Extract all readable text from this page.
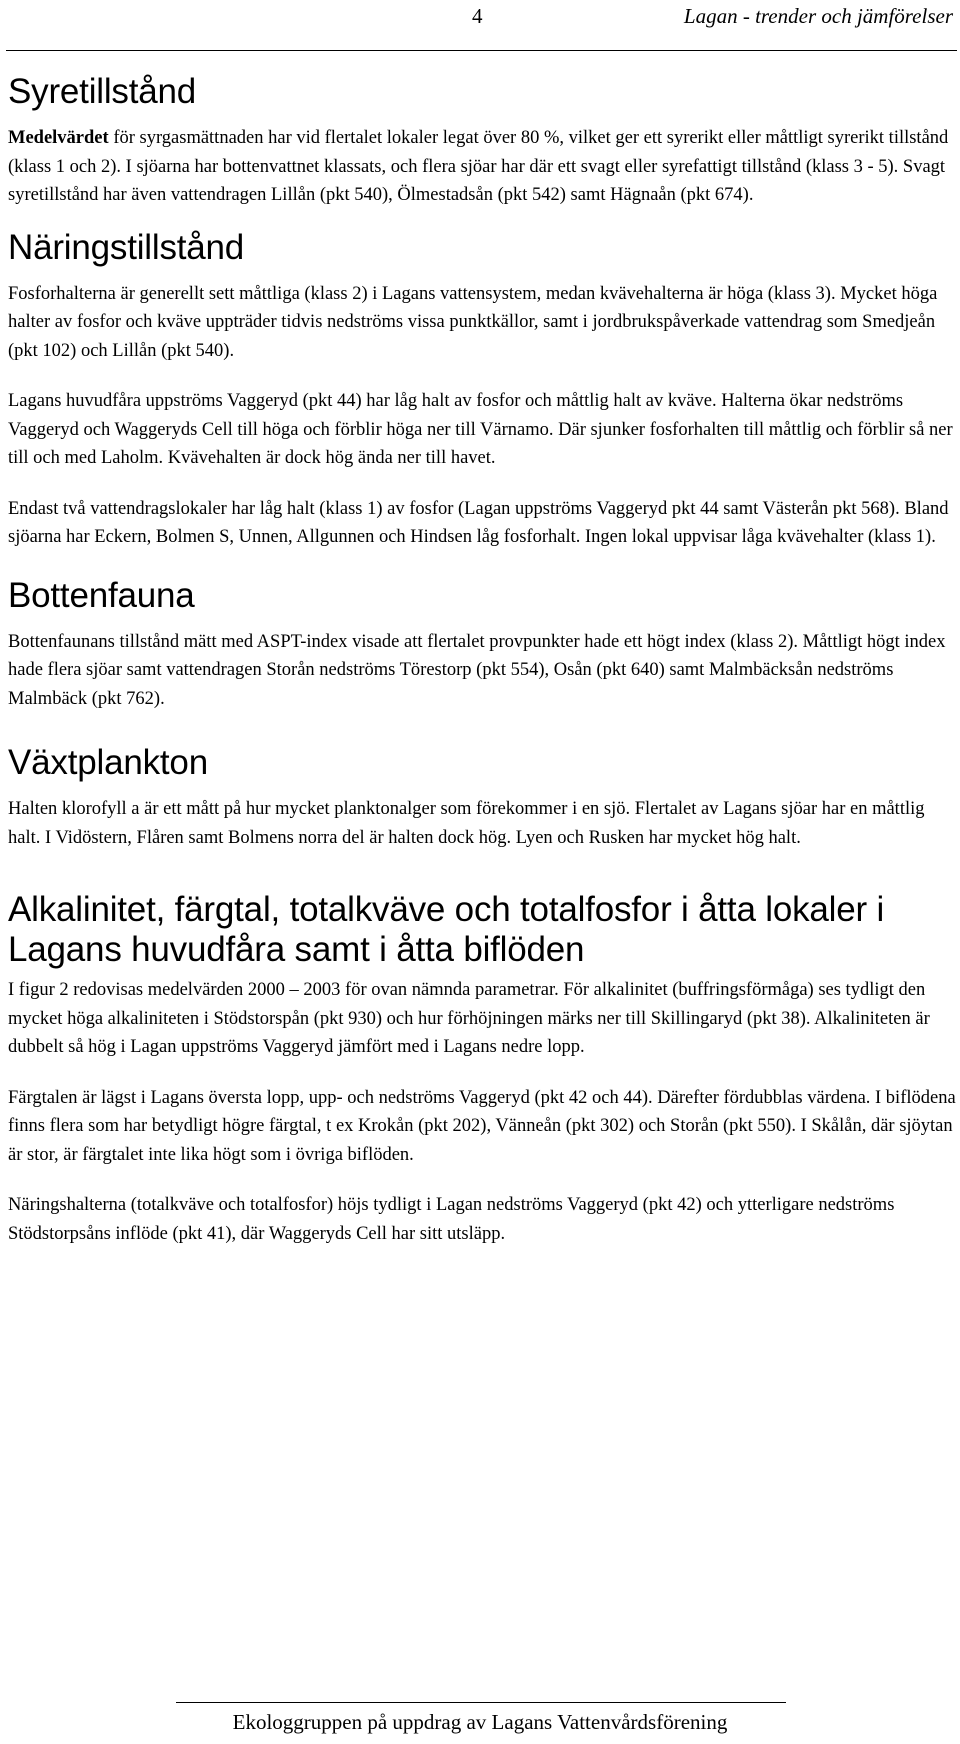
4	Lagan - trender och jämförelser
Syretillstånd

Medelvärdet för syrgasmättnaden har vid flertalet lokaler legat över 80 %, vilket ger ett syrerikt eller måttligt syrerikt tillstånd (klass 1 och 2). I sjöarna har bottenvattnet klassats, och flera sjöar har där ett svagt eller syrefattigt tillstånd (klass 3 - 5). Svagt syretillstånd har även vattendragen Lillån (pkt 540), Ölmestadsån (pkt 542) samt Hägnaån (pkt 674).

Näringstillstånd

Fosforhalterna är generellt sett måttliga (klass 2) i Lagans vattensystem, medan kvävehalterna är höga (klass 3). Mycket höga halter av fosfor och kväve uppträder tidvis nedströms vissa punktkällor, samt i jordbrukspåverkade vattendrag som Smedjeån (pkt 102) och Lillån (pkt 540).

Lagans huvudfåra uppströms Vaggeryd (pkt 44) har låg halt av fosfor och måttlig halt av kväve. Halterna ökar nedströms Vaggeryd och Waggeryds Cell till höga och förblir höga ner till Värnamo. Där sjunker fosforhalten till måttlig och förblir så ner till och med Laholm. Kvävehalten är dock hög ända ner till havet.

Endast två vattendragslokaler har låg halt (klass 1) av fosfor (Lagan uppströms Vaggeryd pkt 44 samt Västerån pkt 568). Bland sjöarna har Eckern, Bolmen S, Unnen, Allgunnen och Hindsen låg fosforhalt. Ingen lokal uppvisar låga kvävehalter (klass 1).

Bottenfauna

Bottenfaunans tillstånd mätt med ASPT-index visade att flertalet provpunkter hade ett högt index (klass 2). Måttligt högt index hade flera sjöar samt vattendragen Storån nedströms Törestorp (pkt 554), Osån (pkt 640) samt Malmbäcksån nedströms Malmbäck (pkt 762).

Växtplankton

Halten klorofyll a är ett mått på hur mycket planktonalger som förekommer i en sjö. Flertalet av Lagans sjöar har en måttlig halt. I Vidöstern, Flåren samt Bolmens norra del är halten dock hög. Lyen och Rusken har mycket hög halt.

Alkalinitet, färgtal, totalkväve och totalfosfor i åtta lokaler i Lagans huvudfåra samt i åtta biflöden

I figur 2 redovisas medelvärden 2000 – 2003 för ovan nämnda parametrar. För alkalinitet (buffringsförmåga) ses tydligt den mycket höga alkaliniteten i Stödstorspån (pkt 930) och hur förhöjningen märks ner till Skillingaryd (pkt 38). Alkaliniteten är dubbelt så hög i Lagan uppströms Vaggeryd jämfört med i Lagans nedre lopp.

Färgtalen är lägst i Lagans översta lopp, upp- och nedströms Vaggeryd (pkt 42 och 44). Därefter fördubblas värdena. I biflödena finns flera som har betydligt högre färgtal, t ex Krokån (pkt 202), Vänneån (pkt 302) och Storån (pkt 550). I Skålån, där sjöytan är stor, är färgtalet inte lika högt som i övriga biflöden.

Näringshalterna (totalkväve och totalfosfor) höjs tydligt i Lagan nedströms Vaggeryd (pkt 42) och ytterligare nedströms Stödstorpsåns inflöde (pkt 41), där Waggeryds Cell har sitt utsläpp.

Ekologgruppen på uppdrag av Lagans Vattenvårdsförening
